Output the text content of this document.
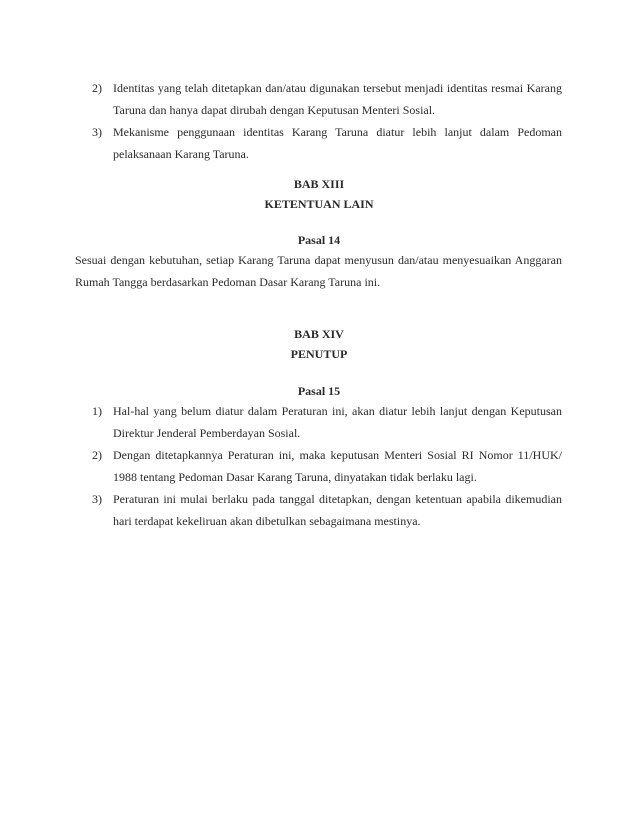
2) Identitas yang telah ditetapkan dan/atau digunakan tersebut menjadi identitas resmai Karang Taruna dan hanya dapat dirubah dengan Keputusan Menteri Sosial.
3) Mekanisme penggunaan identitas Karang Taruna diatur lebih lanjut dalam Pedoman pelaksanaan Karang Taruna.
BAB XIII
KETENTUAN LAIN
Pasal 14
Sesuai dengan kebutuhan, setiap Karang Taruna dapat menyusun dan/atau menyesuaikan Anggaran Rumah Tangga berdasarkan Pedoman Dasar Karang Taruna ini.
BAB XIV
PENUTUP
Pasal 15
1) Hal-hal yang belum diatur dalam Peraturan ini, akan diatur lebih lanjut dengan Keputusan Direktur Jenderal Pemberdayan Sosial.
2) Dengan ditetapkannya Peraturan ini, maka keputusan Menteri Sosial RI Nomor 11/HUK/ 1988 tentang Pedoman Dasar Karang Taruna, dinyatakan tidak berlaku lagi.
3) Peraturan ini mulai berlaku pada tanggal ditetapkan, dengan ketentuan apabila dikemudian hari terdapat kekeliruan akan dibetulkan sebagaimana mestinya.
